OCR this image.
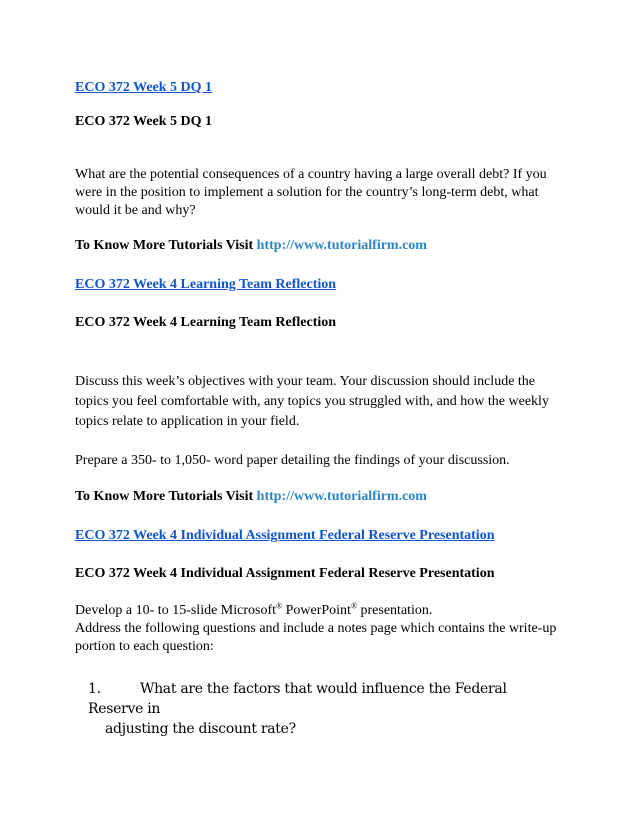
ECO 372 Week 5 DQ 1
ECO 372 Week 5 DQ 1
What are the potential consequences of a country having a large overall debt? If you were in the position to implement a solution for the country’s long-term debt, what would it be and why?
To Know More Tutorials Visit http://www.tutorialfirm.com
ECO 372 Week 4 Learning Team Reflection
ECO 372 Week 4 Learning Team Reflection
Discuss this week’s objectives with your team. Your discussion should include the topics you feel comfortable with, any topics you struggled with, and how the weekly topics relate to application in your field.
Prepare a 350- to 1,050- word paper detailing the findings of your discussion.
To Know More Tutorials Visit http://www.tutorialfirm.com
ECO 372 Week 4 Individual Assignment Federal Reserve Presentation
ECO 372 Week 4 Individual Assignment Federal Reserve Presentation
Develop a 10- to 15-slide Microsoft® PowerPoint® presentation.
Address the following questions and include a notes page which contains the write-up portion to each question:
1.	What are the factors that would influence the Federal Reserve in
adjusting the discount rate?
